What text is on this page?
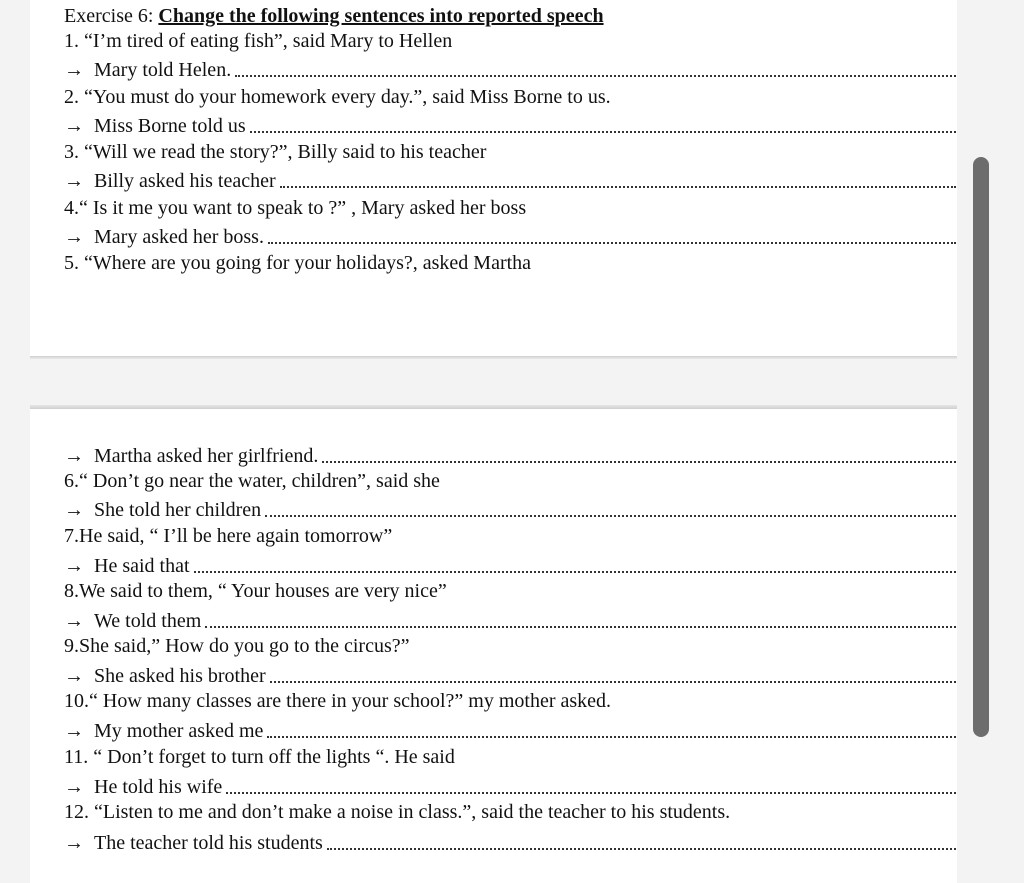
Exercise 6: Change the following sentences into reported speech
1. “I’m tired of eating fish”, said Mary to Hellen
→ Mary told Helen.
2. “You must do your homework every day.”, said Miss Borne to us.
→ Miss Borne told us
3. “Will we read the story?”, Billy said to his teacher
→ Billy asked his teacher
4.“ Is it me you want to speak to ?” , Mary asked her boss
→ Mary asked her boss.
5. “Where are you going for your holidays?, asked Martha
→ Martha asked her girlfriend.
6.“ Don’t go near the water, children”, said she
→ She told her children
7.He said, “ I’ll be here again tomorrow”
→ He said that
8.We said to them, “ Your houses are very nice”
→ We told them
9.She said,” How do you go to the circus?”
→ She asked his brother
10.“ How many classes are there in your school?” my mother asked.
→ My mother asked me
11. “ Don’t forget to turn off the lights “. He said
→ He told his wife
12. “Listen to me and don’t make a noise in class.”, said the teacher to his students.
→ The teacher told his students
